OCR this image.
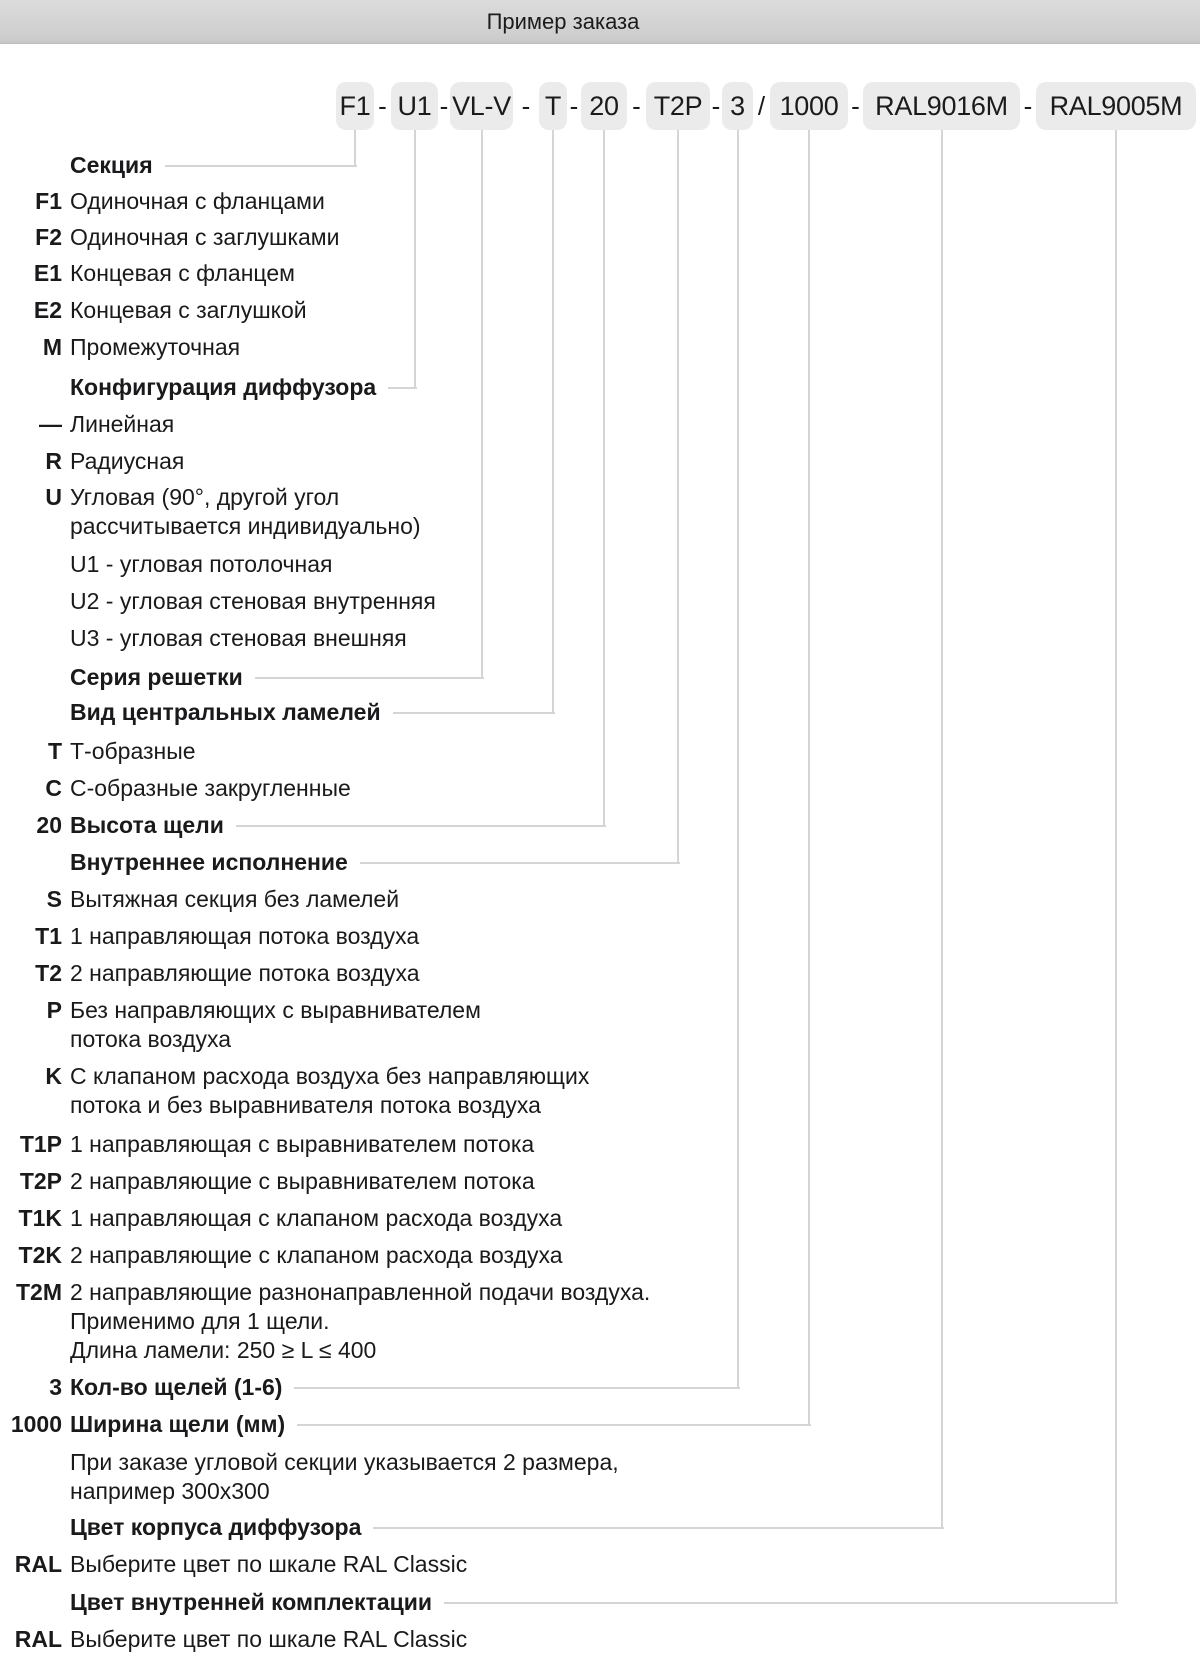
Пример заказа
F1 - U1 - VL-V - T - 20 - T2P - 3 / 1000 - RAL9016M - RAL9005M
Секция
F1 Одиночная с фланцами
F2 Одиночная с заглушками
E1 Концевая с фланцем
E2 Концевая с заглушкой
M Промежуточная
Конфигурация диффузора
— Линейная
R Радиусная
U Угловая (90°, другой угол
рассчитывается индивидуально)
U1 - угловая потолочная
U2 - угловая стеновая внутренняя
U3 - угловая стеновая внешняя
Серия решетки
Вид центральных ламелей
T Т-образные
C С-образные закругленные
20 Высота щели
Внутреннее исполнение
S Вытяжная секция без ламелей
T1 1 направляющая потока воздуха
T2 2 направляющие потока воздуха
P Без направляющих с выравнивателем
потока воздуха
K С клапаном расхода воздуха без направляющих
потока и без выравнивателя потока воздуха
T1P 1 направляющая с выравнивателем потока
T2P 2 направляющие с выравнивателем потока
T1K 1 направляющая с клапаном расхода воздуха
T2K 2 направляющие с клапаном расхода воздуха
T2M 2 направляющие разнонаправленной подачи воздуха.
Применимо для 1 щели.
Длина ламели: 250 ≥ L ≤ 400
3 Кол-во щелей (1-6)
1000 Ширина щели (мм)
При заказе угловой секции указывается 2 размера,
например 300х300
Цвет корпуса диффузора
RAL Выберите цвет по шкале RAL Classic
Цвет внутренней комплектации
RAL Выберите цвет по шкале RAL Classic
